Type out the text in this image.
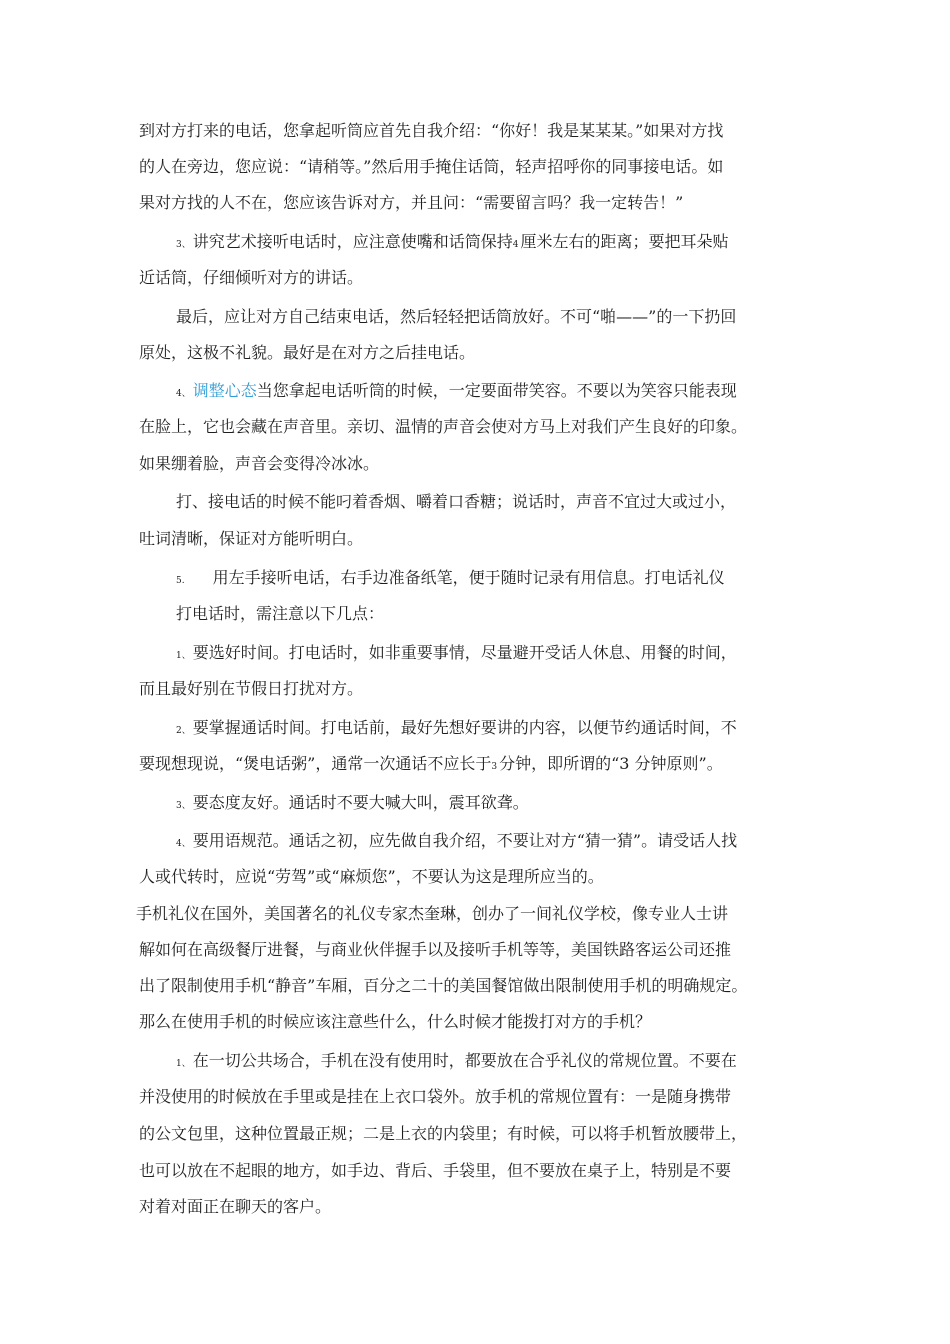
到对方打来的电话，您拿起听筒应首先自我介绍：“你好！我是某某某。”如果对方找
的人在旁边，您应说：“请稍等。”然后用手掩住话筒，轻声招呼你的同事接电话。如
果对方找的人不在，您应该告诉对方，并且问：“需要留言吗？我一定转告！”
3、 讲究艺术接听电话时，应注意使嘴和话筒保持4 厘米左右的距离；要把耳朵贴
近话筒，仔细倾听对方的讲话。
最后，应让对方自己结束电话，然后轻轻把话筒放好。不可“啪——”的一下扔回
原处，这极不礼貌。最好是在对方之后挂电话。
4、 调整心态当您拿起电话听筒的时候，一定要面带笑容。不要以为笑容只能表现
在脸上，它也会藏在声音里。亲切、温情的声音会使对方马上对我们产生良好的印象。
如果绷着脸，声音会变得冷冰冰。
打、接电话的时候不能叼着香烟、嚼着口香糖；说话时，声音不宜过大或过小，
吐词清晰，保证对方能听明白。
5. 用左手接听电话，右手边准备纸笔，便于随时记录有用信息。打电话礼仪
打电话时，需注意以下几点：
1、 要选好时间。打电话时，如非重要事情，尽量避开受话人休息、用餐的时间，
而且最好别在节假日打扰对方。
2、 要掌握通话时间。打电话前，最好先想好要讲的内容，以便节约通话时间，不
要现想现说，“煲电话粥”，通常一次通话不应长于3 分钟，即所谓的“3 分钟原则”。
3、 要态度友好。通话时不要大喊大叫，震耳欲聋。
4、 要用语规范。通话之初，应先做自我介绍，不要让对方“猜一猜”。请受话人找
人或代转时，应说“劳驾”或“麻烦您”，不要认为这是理所应当的。
手机礼仪在国外，美国著名的礼仪专家杰奎琳，创办了一间礼仪学校，像专业人士讲
解如何在高级餐厅进餐，与商业伙伴握手以及接听手机等等，美国铁路客运公司还推
出了限制使用手机“静音”车厢，百分之二十的美国餐馆做出限制使用手机的明确规定。
那么在使用手机的时候应该注意些什么，什么时候才能拨打对方的手机？
1、 在一切公共场合，手机在没有使用时，都要放在合乎礼仪的常规位置。不要在
并没使用的时候放在手里或是挂在上衣口袋外。放手机的常规位置有：一是随身携带
的公文包里，这种位置最正规；二是上衣的内袋里；有时候，可以将手机暂放腰带上，
也可以放在不起眼的地方，如手边、背后、手袋里，但不要放在桌子上，特别是不要
对着对面正在聊天的客户。
